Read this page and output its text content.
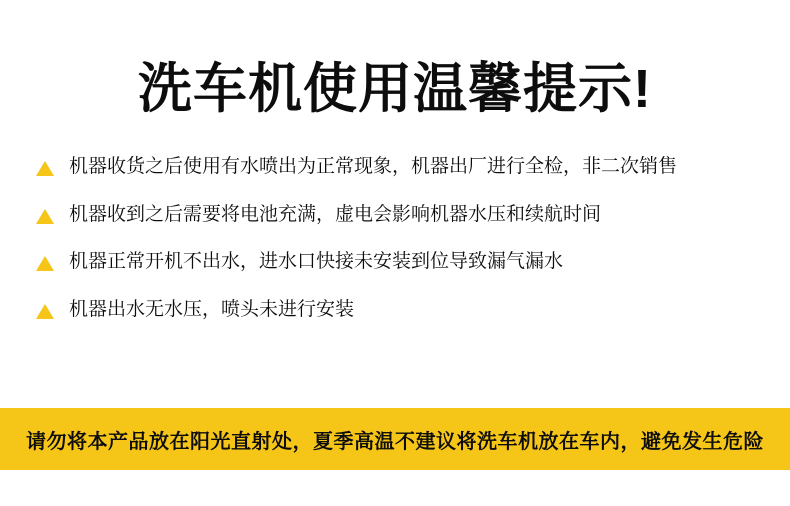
洗车机使用温馨提示!
机器收货之后使用有水喷出为正常现象，机器出厂进行全检，非二次销售
机器收到之后需要将电池充满，虚电会影响机器水压和续航时间
机器正常开机不出水，进水口快接未安装到位导致漏气漏水
机器出水无水压，喷头未进行安装
请勿将本产品放在阳光直射处，夏季高温不建议将洗车机放在车内，避免发生危险
